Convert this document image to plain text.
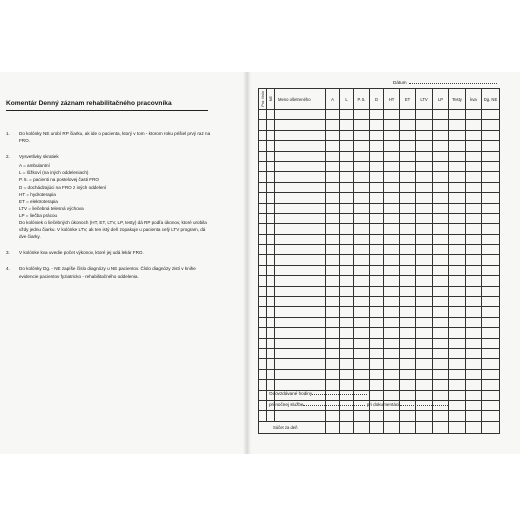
Komentár Denný záznam rehabilitačného pracovníka
1. Do kolónky NE urobí RP čiarku, ak ide o pacienta, ktorý v tom - ktorom roku prišiel prvý raz na FRO.

2. Vysvetlivky skratiek

A = ambulantní
L = lôžkoví (na iných oddeleniach)
P. 5. = pacienti na postelovej časti FRO
D = dochádzajúci na FRO z iných oddelení
HT = hydroterapia
ET = elektroterapia
LTV = liečebná telesná výchova
LP = liečba prácou

Do kolóniek o liečebných úkonoch (HT, ET, LTV, LP, testy) dá RP podľa úkonov, ktoré urobila vždy jednu čiarku. V kolónke LTV, ak ten istý deň zopakuje u pacienta celý LTV program, dá dve čiarky.

3. V kolónke kva uvedie počet výkonov, ktoré jej udá lekár FRO.

4. Do kolónky Dg. - NE zapíše číslo diagnózy u NE pacientov. Číslo diagnózy zistí v knihe evidencie pacientov fyziatricko - rehabilitačného oddelenia.

Dátum
Por. číslo	NE	Meno ošetreného	A	L	P. 5.	D	HT	ET	LTV	LP	Testy	kva	Dg. NE

Súčet za deň													
Odovzdávané hodiny
pri nočnej službe	pri dokumentácii
